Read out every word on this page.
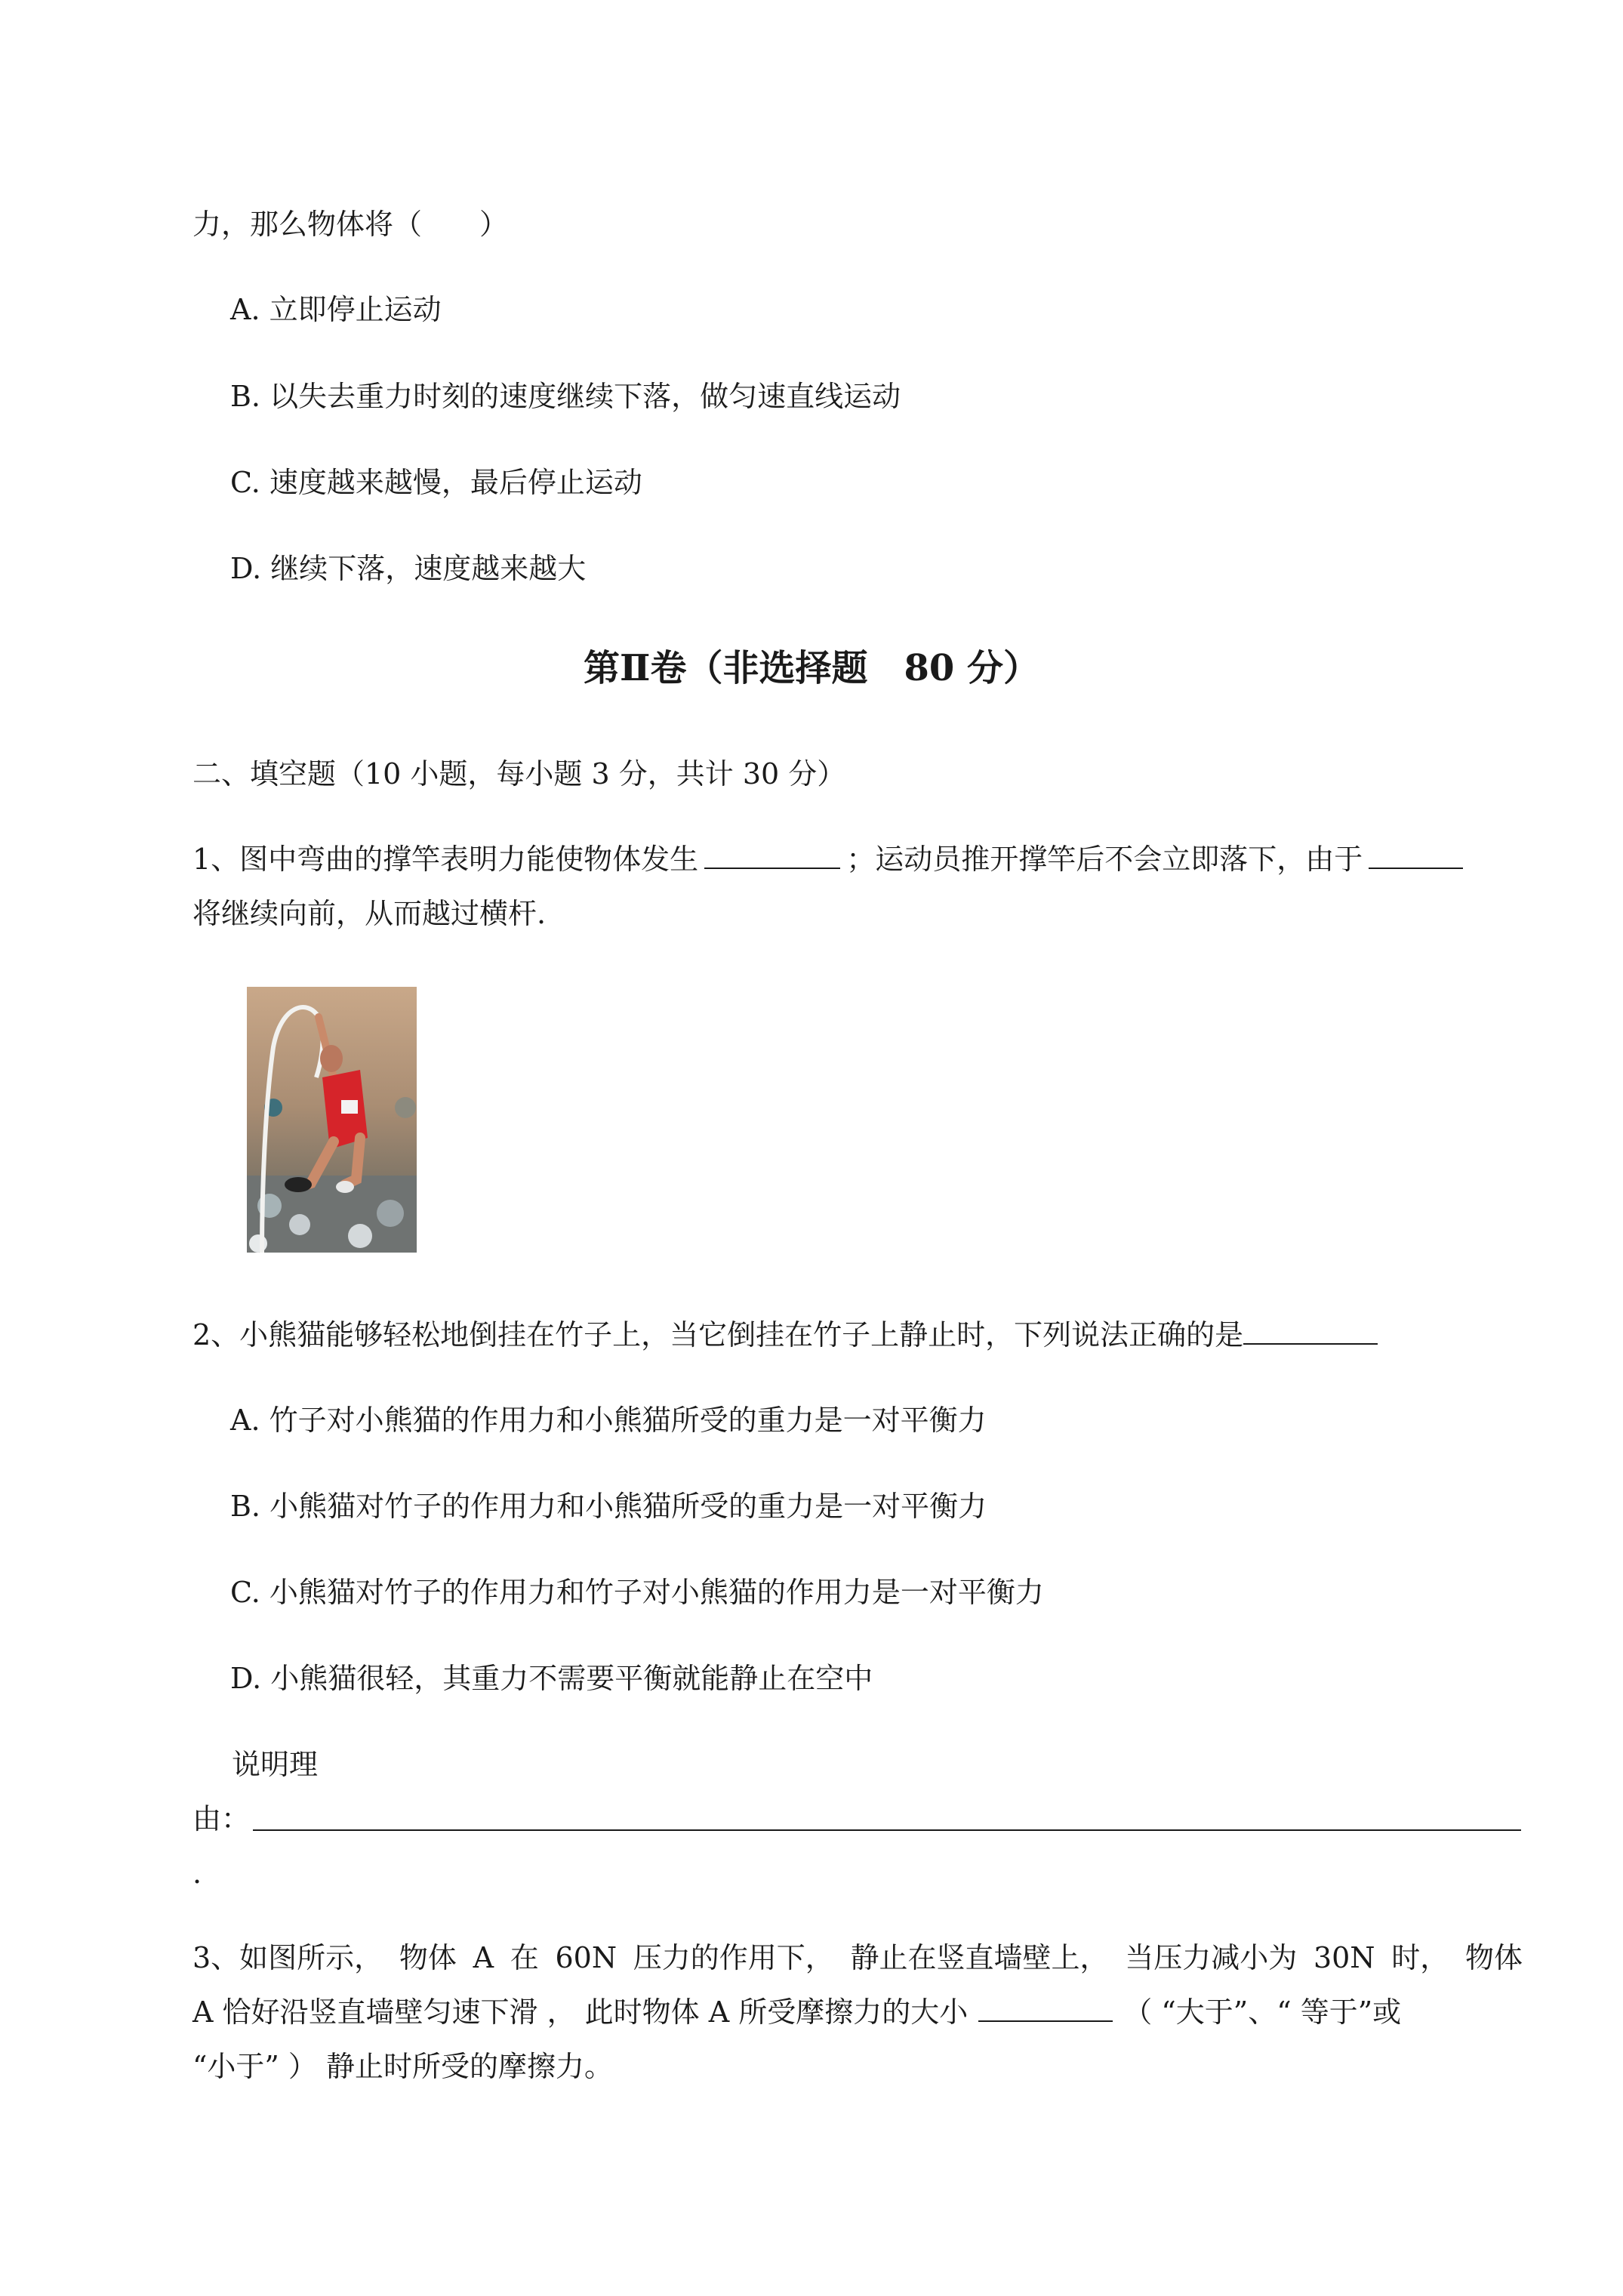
力，那么物体将（　　）
A. 立即停止运动
B. 以失去重力时刻的速度继续下落，做匀速直线运动
C. 速度越来越慢，最后停止运动
D. 继续下落，速度越来越大
第Ⅱ卷（非选择题　80 分）
二、填空题（10 小题，每小题 3 分，共计 30 分）
1、图中弯曲的撑竿表明力能使物体发生	；运动员推开撑竿后不会立即落下，由于
将继续向前，从而越过横杆.
2、小熊猫能够轻松地倒挂在竹子上，当它倒挂在竹子上静止时，下列说法正确的是
A. 竹子对小熊猫的作用力和小熊猫所受的重力是一对平衡力
B. 小熊猫对竹子的作用力和小熊猫所受的重力是一对平衡力
C. 小熊猫对竹子的作用力和竹子对小熊猫的作用力是一对平衡力
D. 小熊猫很轻，其重力不需要平衡就能静止在空中
说明理
由：
.
3、如图所示， 物体 A 在 60N 压力的作用下， 静止在竖直墙壁上， 当压力减小为 30N 时， 物体
A 恰好沿竖直墙壁匀速下滑 ， 此时物体 A 所受摩擦力的大小	（ “大于”、“ 等于”或
“小于” ） 静止时所受的摩擦力。
